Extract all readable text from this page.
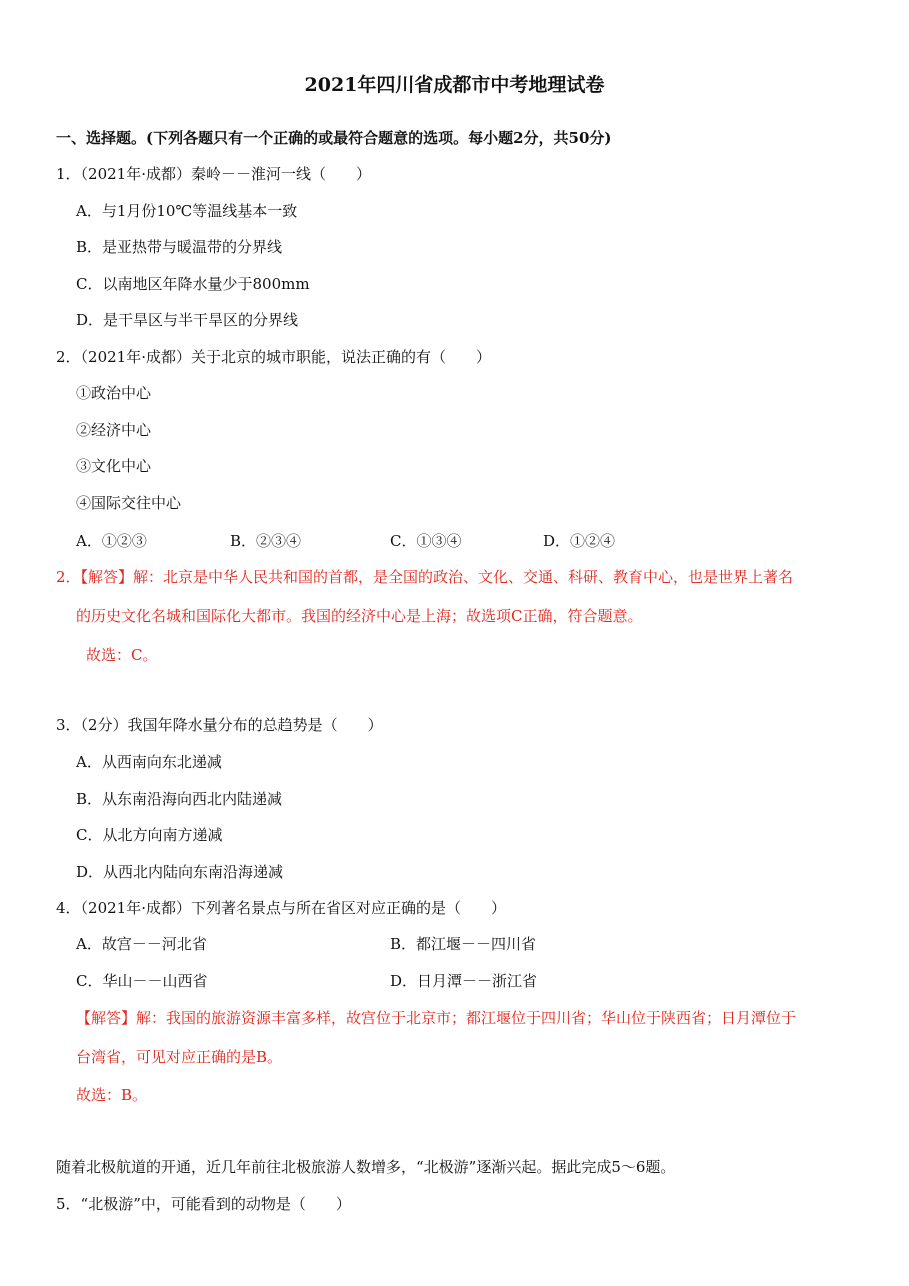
2021年四川省成都市中考地理试卷
一、选择题。(下列各题只有一个正确的或最符合题意的选项。每小题2分，共50分)
1．（2021年·成都）秦岭－－淮河一线（　　）
A．与1月份10℃等温线基本一致
B．是亚热带与暖温带的分界线
C．以南地区年降水量少于800mm
D．是干旱区与半干旱区的分界线
2．（2021年·成都）关于北京的城市职能，说法正确的有（　　）
①政治中心
②经济中心
③文化中心
④国际交往中心
A．①②③	B．②③④	C．①③④	D．①②④
2．【解答】解：北京是中华人民共和国的首都，是全国的政治、文化、交通、科研、教育中心，也是世界上著名
的历史文化名城和国际化大都市。我国的经济中心是上海；故选项C正确，符合题意。
故选：C。
3．（2分）我国年降水量分布的总趋势是（　　）
A．从西南向东北递减
B．从东南沿海向西北内陆递减
C．从北方向南方递减
D．从西北内陆向东南沿海递减
4．（2021年·成都）下列著名景点与所在省区对应正确的是（　　）
A．故宫－－河北省	B．都江堰－－四川省
C．华山－－山西省	D．日月潭－－浙江省
【解答】解：我国的旅游资源丰富多样，故宫位于北京市；都江堰位于四川省；华山位于陕西省；日月潭位于
台湾省，可见对应正确的是B。
故选：B。
随着北极航道的开通，近几年前往北极旅游人数增多，“北极游”逐渐兴起。据此完成5～6题。
5．“北极游”中，可能看到的动物是（　　）
